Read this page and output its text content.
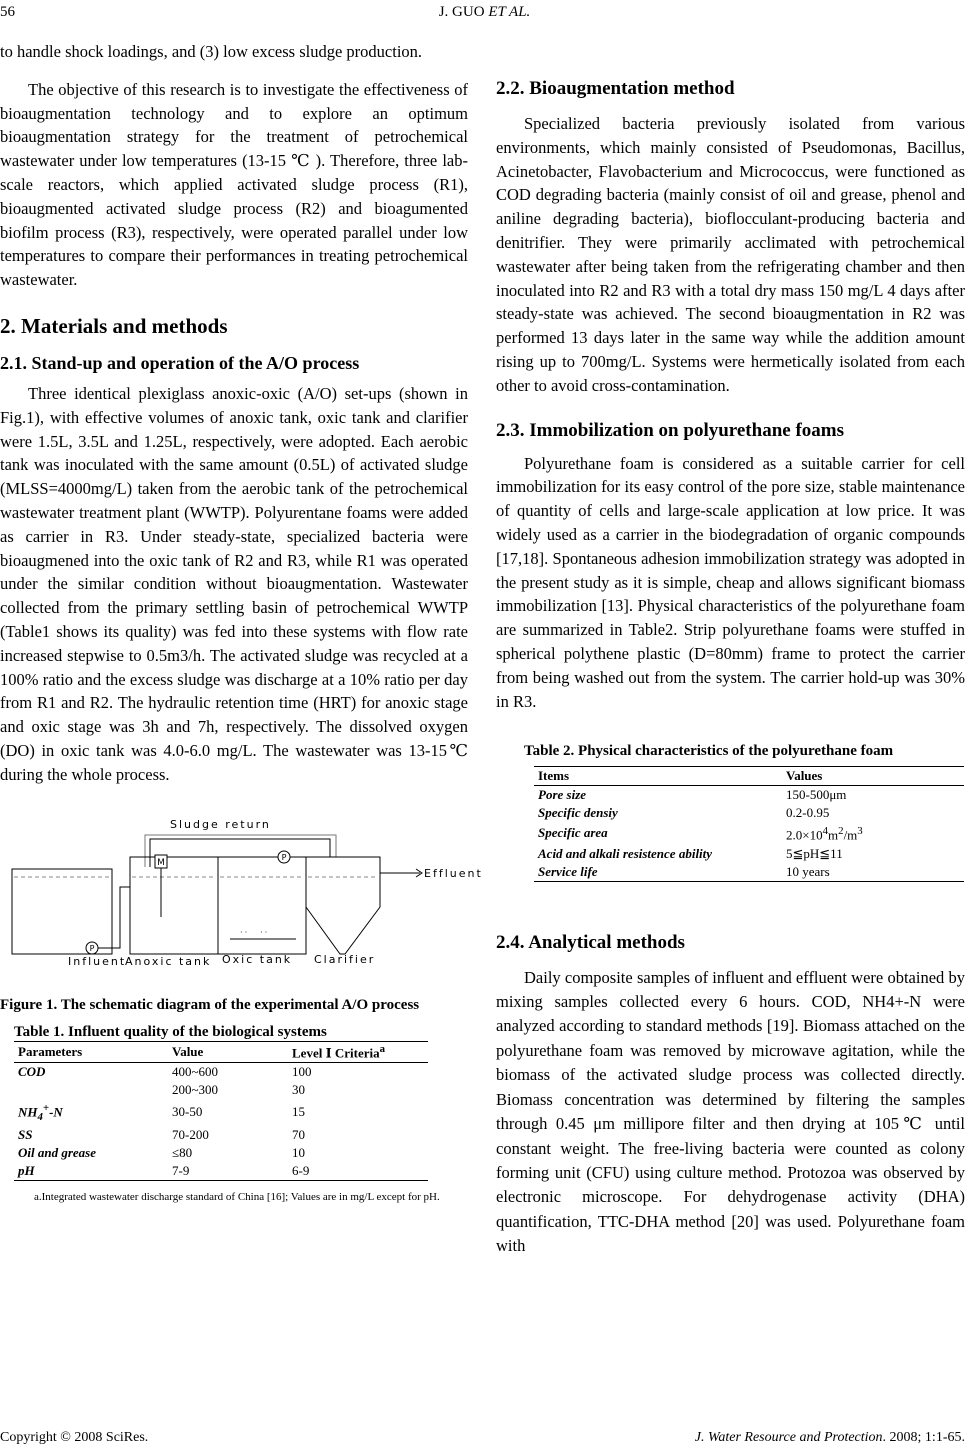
56	J. GUO ET AL.

to handle shock loadings, and (3) low excess sludge production.

The objective of this research is to investigate the effectiveness of bioaugmentation technology and to explore an optimum bioaugmentation strategy for the treatment of petrochemical wastewater under low temperatures (13-15 ℃ ). Therefore, three lab-scale reactors, which applied activated sludge process (R1), bioaugmented activated sludge process (R2) and bioagumented biofilm process (R3), respectively, were operated parallel under low temperatures to compare their performances in treating petrochemical wastewater.

2. Materials and methods
2.1. Stand-up and operation of the A/O process

Three identical plexiglass anoxic-oxic (A/O) set-ups (shown in Fig.1), with effective volumes of anoxic tank, oxic tank and clarifier were 1.5L, 3.5L and 1.25L, respectively, were adopted. Each aerobic tank was inoculated with the same amount (0.5L) of activated sludge (MLSS=4000mg/L) taken from the aerobic tank of the petrochemical wastewater treatment plant (WWTP). Polyurentane foams were added as carrier in R3. Under steady-state, specialized bacteria were bioaugmened into the oxic tank of R2 and R3, while R1 was operated under the similar condition without bioaugmentation. Wastewater collected from the primary settling basin of petrochemical WWTP (Table1 shows its quality) was fed into these systems with flow rate increased stepwise to 0.5m3/h. The activated sludge was recycled at a 100% ratio and the excess sludge was discharge at a 10% ratio per day from R1 and R2. The hydraulic retention time (HRT) for anoxic stage and oxic stage was 3h and 7h, respectively. The dissolved oxygen (DO) in oxic tank was 4.0-6.0 mg/L. The wastewater was 13-15℃ during the whole process.

Sludge return
M
· · · ·
P
Effluent
P
Influent
Anoxic tank Oxic tank Clarifier

Figure 1. The schematic diagram of the experimental A/O process

Table 1. Influent quality of the biological systems
Parameters	Value	Level Ⅰ Criteria$^a$
COD	400~600	100
	200~300	30
$NH_4^+-N$	30-50	15
SS	70-200	70
Oil and grease	≤80	10
pH	7-9	6-9

a.Integrated wastewater discharge standard of China [16]; Values are in mg/L except for pH.

2.2. Bioaugmentation method

Specialized bacteria previously isolated from various environments, which mainly consisted of Pseudomonas, Bacillus, Acinetobacter, Flavobacterium and Micrococcus, were functioned as COD degrading bacteria (mainly consist of oil and grease, phenol and aniline degrading bacteria), bioflocculant-producing bacteria and denitrifier. They were primarily acclimated with petrochemical wastewater after being taken from the refrigerating chamber and then inoculated into R2 and R3 with a total dry mass 150 mg/L 4 days after steady-state was achieved. The second bioaugmentation in R2 was performed 13 days later in the same way while the addition amount rising up to 700mg/L. Systems were hermetically isolated from each other to avoid cross-contamination.

2.3. Immobilization on polyurethane foams

Polyurethane foam is considered as a suitable carrier for cell immobilization for its easy control of the pore size, stable maintenance of quantity of cells and large-scale application at low price. It was widely used as a carrier in the biodegradation of organic compounds [17,18]. Spontaneous adhesion immobilization strategy was adopted in the present study as it is simple, cheap and allows significant biomass immobilization [13]. Physical characteristics of the polyurethane foam are summarized in Table2. Strip polyurethane foams were stuffed in spherical polythene plastic (D=80mm) frame to protect the carrier from being washed out from the system. The carrier hold-up was 30% in R3.

Table 2. Physical characteristics of the polyurethane foam

Items	Values
Pore size	150-500μm
Specific densiy	0.2-0.95
Specific area	$2.0\times 10^4m^2/m^3$
Acid and alkali resistence ability	5≦pH≦11
Service life	10 years
2.4. Analytical methods

Daily composite samples of influent and effluent were obtained by mixing samples collected every 6 hours. COD, NH4+-N were analyzed according to standard methods [19]. Biomass attached on the polyurethane foam was removed by microwave agitation, while the biomass of the activated sludge process was collected directly. Biomass concentration was determined by filtering the samples through 0.45 μm millipore filter and then drying at 105℃ until constant weight. The free-living bacteria were counted as colony forming unit (CFU) using culture method. Protozoa was observed by electronic microscope. For dehydrogenase activity (DHA) quantification, TTC-DHA method [20] was used. Polyurethane foam with

Copyright © 2008 SciRes.	J. Water Resource and Protection. 2008; 1:1-65.
